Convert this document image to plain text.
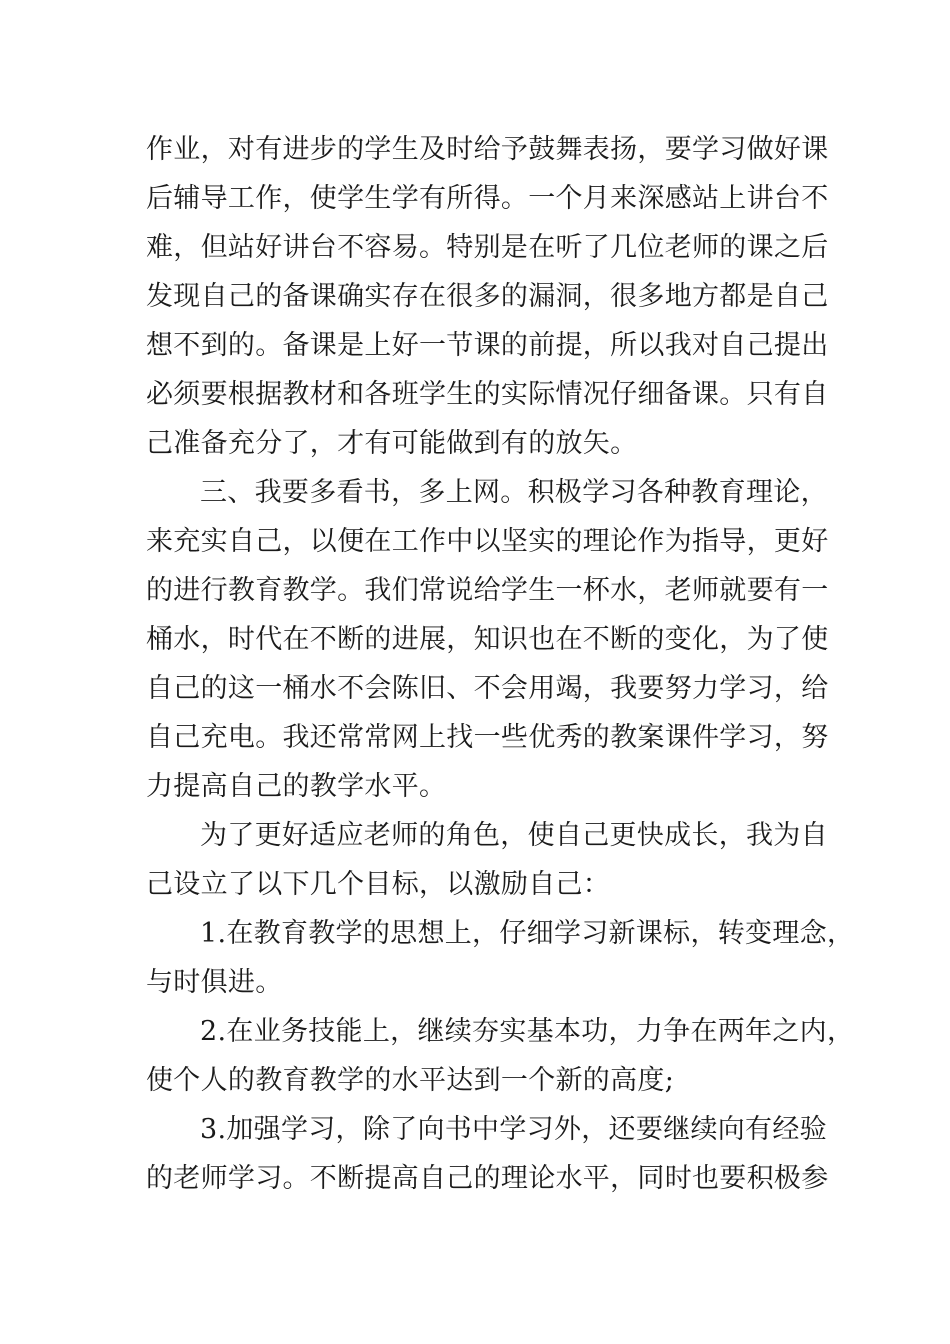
作业，对有进步的学生及时给予鼓舞表扬，要学习做好课
后辅导工作，使学生学有所得。一个月来深感站上讲台不
难，但站好讲台不容易。特别是在听了几位老师的课之后
发现自己的备课确实存在很多的漏洞，很多地方都是自己
想不到的。备课是上好一节课的前提，所以我对自己提出
必须要根据教材和各班学生的实际情况仔细备课。只有自
己准备充分了，才有可能做到有的放矢。
三、我要多看书，多上网。积极学习各种教育理论，
来充实自己，以便在工作中以坚实的理论作为指导，更好
的进行教育教学。我们常说给学生一杯水，老师就要有一
桶水，时代在不断的进展，知识也在不断的变化，为了使
自己的这一桶水不会陈旧、不会用竭，我要努力学习，给
自己充电。我还常常网上找一些优秀的教案课件学习，努
力提高自己的教学水平。
为了更好适应老师的角色，使自己更快成长，我为自
己设立了以下几个目标，以激励自己：
1.在教育教学的思想上，仔细学习新课标，转变理念，
与时俱进。
2.在业务技能上，继续夯实基本功，力争在两年之内，
使个人的教育教学的水平达到一个新的高度;
3.加强学习，除了向书中学习外，还要继续向有经验
的老师学习。不断提高自己的理论水平，同时也要积极参
